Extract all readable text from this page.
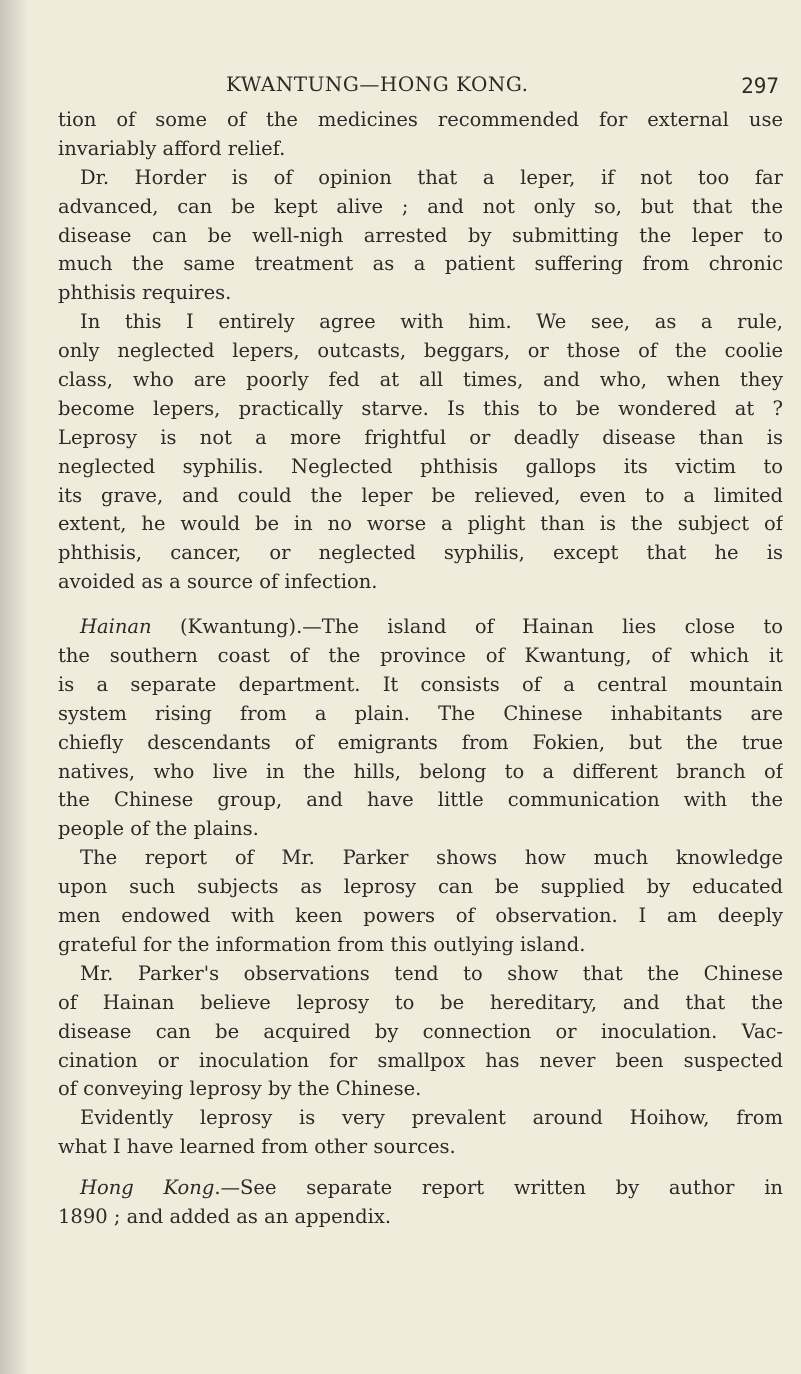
KWANTUNG—HONG KONG.	297
tion of some of the medicines recommended for external use
invariably afford relief.
Dr. Horder is of opinion that a leper, if not too far
advanced, can be kept alive ; and not only so, but that the
disease can be well-nigh arrested by submitting the leper to
much the same treatment as a patient suffering from chronic
phthisis requires.
In this I entirely agree with him. We see, as a rule,
only neglected lepers, outcasts, beggars, or those of the coolie
class, who are poorly fed at all times, and who, when they
become lepers, practically starve. Is this to be wondered at ?
Leprosy is not a more frightful or deadly disease than is
neglected syphilis. Neglected phthisis gallops its victim to
its grave, and could the leper be relieved, even to a limited
extent, he would be in no worse a plight than is the subject of
phthisis, cancer, or neglected syphilis, except that he is
avoided as a source of infection.
Hainan (Kwantung).—The island of Hainan lies close to
the southern coast of the province of Kwantung, of which it
is a separate department. It consists of a central mountain
system rising from a plain. The Chinese inhabitants are
chiefly descendants of emigrants from Fokien, but the true
natives, who live in the hills, belong to a different branch of
the Chinese group, and have little communication with the
people of the plains.
The report of Mr. Parker shows how much knowledge
upon such subjects as leprosy can be supplied by educated
men endowed with keen powers of observation. I am deeply
grateful for the information from this outlying island.
Mr. Parker's observations tend to show that the Chinese
of Hainan believe leprosy to be hereditary, and that the
disease can be acquired by connection or inoculation. Vac-
cination or inoculation for smallpox has never been suspected
of conveying leprosy by the Chinese.
Evidently leprosy is very prevalent around Hoihow, from
what I have learned from other sources.
Hong Kong.—See separate report written by author in
1890 ; and added as an appendix.
